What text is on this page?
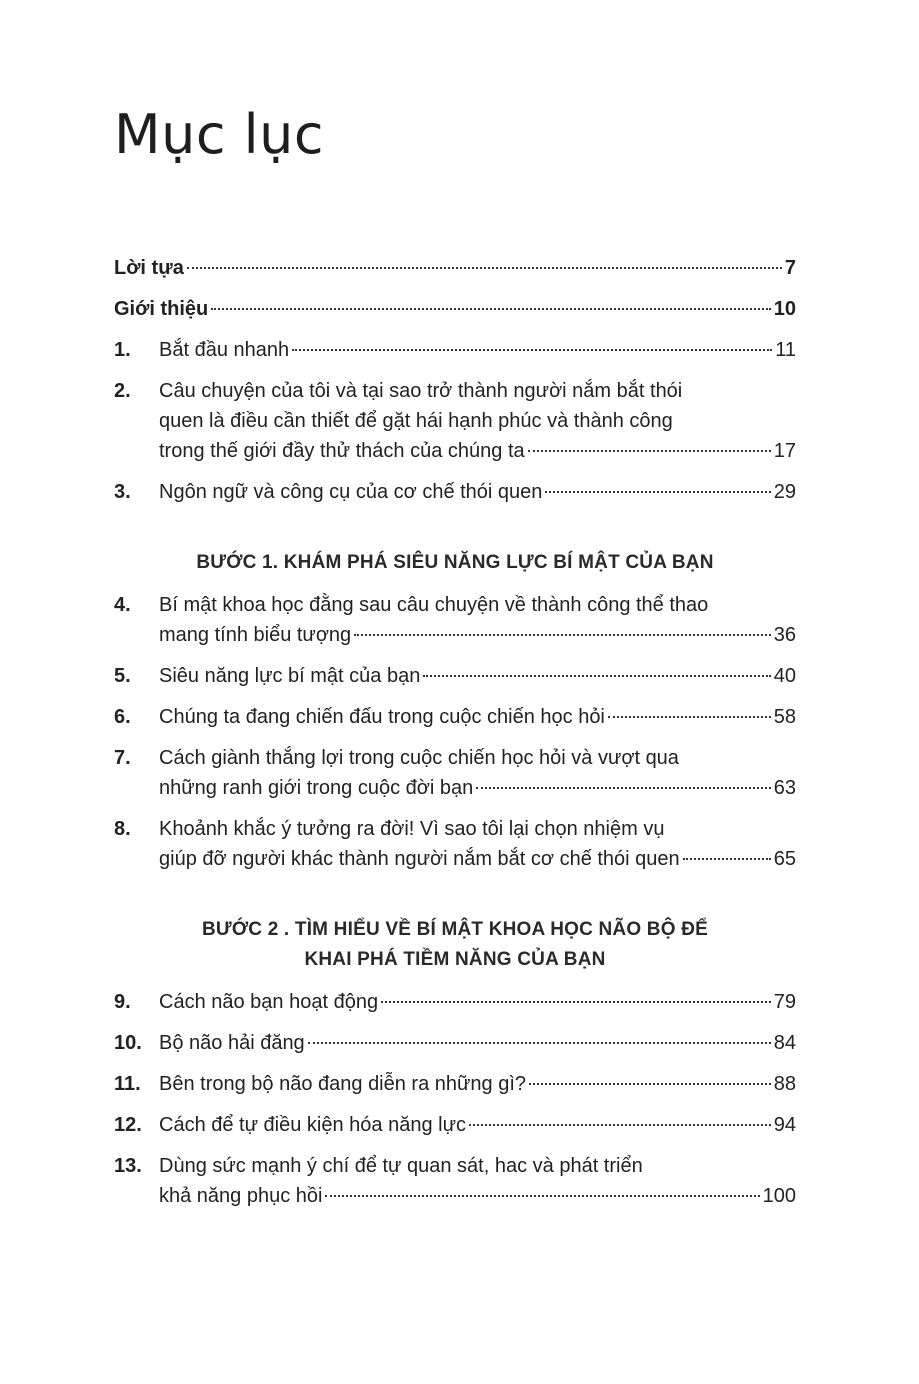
Mục lục
Lời tựa	7
Giới thiệu	10
1.	Bắt đầu nhanh	11
2.	Câu chuyện của tôi và tại sao trở thành người nắm bắt thói
quen là điều cần thiết để gặt hái hạnh phúc và thành công
trong thế giới đầy thử thách của chúng ta	17
3.	Ngôn ngữ và công cụ của cơ chế thói quen	29
BƯỚC 1. KHÁM PHÁ SIÊU NĂNG LỰC BÍ MẬT CỦA BẠN
4.	Bí mật khoa học đằng sau câu chuyện về thành công thể thao
mang tính biểu tượng	36
5.	Siêu năng lực bí mật của bạn	40
6.	Chúng ta đang chiến đấu trong cuộc chiến học hỏi	58
7.	Cách giành thắng lợi trong cuộc chiến học hỏi và vượt qua
những ranh giới trong cuộc đời bạn	63
8.	Khoảnh khắc ý tưởng ra đời! Vì sao tôi lại chọn nhiệm vụ
giúp đỡ người khác thành người nắm bắt cơ chế thói quen	65
BƯỚC 2 . TÌM HIỂU VỀ BÍ MẬT KHOA HỌC NÃO BỘ ĐỂ
KHAI PHÁ TIỀM NĂNG CỦA BẠN
9.	Cách não bạn hoạt động	79
10. Bộ não hải đăng	84
11. Bên trong bộ não đang diễn ra những gì?	88
12. Cách để tự điều kiện hóa năng lực	94
13. Dùng sức mạnh ý chí để tự quan sát, hac và phát triển
khả năng phục hồi	100
